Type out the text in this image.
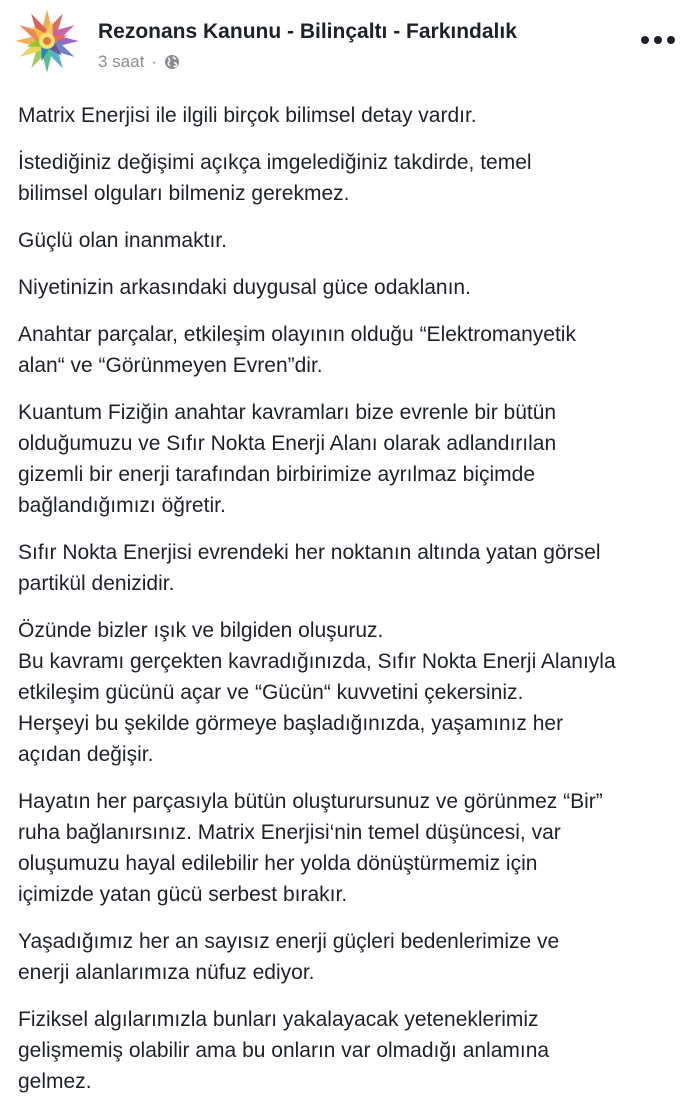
Rezonans Kanunu - Bilinçaltı - Farkındalık
3 saat ·

Matrix Enerjisi ile ilgili birçok bilimsel detay vardır.

İstediğiniz değişimi açıkça imgelediğiniz takdirde, temel
bilimsel olguları bilmeniz gerekmez.

Güçlü olan inanmaktır.

Niyetinizin arkasındaki duygusal güce odaklanın.

Anahtar parçalar, etkileşim olayının olduğu “Elektromanyetik
alan“ ve “Görünmeyen Evren”dir.

Kuantum Fiziğin anahtar kavramları bize evrenle bir bütün
olduğumuzu ve Sıfır Nokta Enerji Alanı olarak adlandırılan
gizemli bir enerji tarafından birbirimize ayrılmaz biçimde
bağlandığımızı öğretir.

Sıfır Nokta Enerjisi evrendeki her noktanın altında yatan görsel
partikül denizidir.

Özünde bizler ışık ve bilgiden oluşuruz.
Bu kavramı gerçekten kavradığınızda, Sıfır Nokta Enerji Alanıyla
etkileşim gücünü açar ve “Gücün“ kuvvetini çekersiniz.
Herşeyi bu şekilde görmeye başladığınızda, yaşamınız her
açıdan değişir.

Hayatın her parçasıyla bütün oluşturursunuz ve görünmez “Bir”
ruha bağlanırsınız. Matrix Enerjisi‘nin temel düşüncesi, var
oluşumuzu hayal edilebilir her yolda dönüştürmemiz için
içimizde yatan gücü serbest bırakır.

Yaşadığımız her an sayısız enerji güçleri bedenlerimize ve
enerji alanlarımıza nüfuz ediyor.

Fiziksel algılarımızla bunları yakalayacak yeteneklerimiz
gelişmemiş olabilir ama bu onların var olmadığı anlamına
gelmez.
